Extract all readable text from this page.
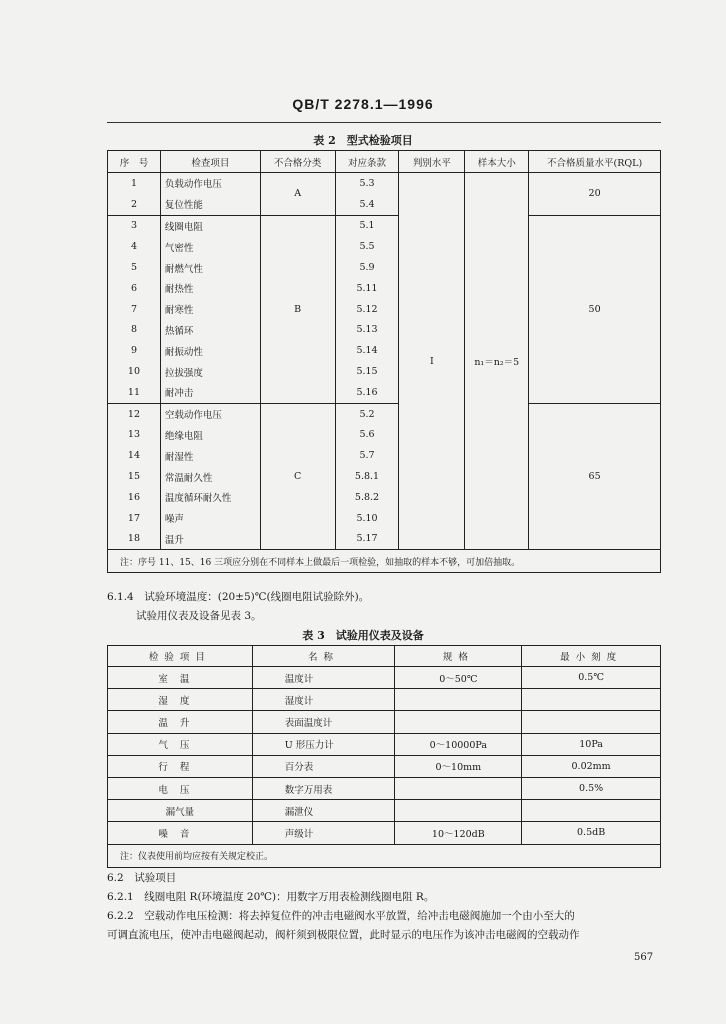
QB/T 2278.1—1996
表 2　型式检验项目
序　号	检查项目	不合格分类	对应条款	判别水平	样本大小	不合格质量水平(RQL)
1	负载动作电压	A	5.3	Ⅰ	n₁＝n₂＝5	20
2	复位性能		5.4			
3	线圈电阻	B	5.1			50
4	气密性		5.5			
5	耐燃气性		5.9			
6	耐热性		5.11			
7	耐寒性		5.12			
8	热循环		5.13			
9	耐振动性		5.14			
10	拉拔强度		5.15			
11	耐冲击		5.16			
12	空载动作电压	C	5.2			65
13	绝缘电阻		5.6			
14	耐湿性		5.7			
15	常温耐久性		5.8.1			
16	温度循环耐久性		5.8.2			
17	噪声		5.10			
18	温升		5.17			
注：序号 11、15、16 三项应分别在不同样本上做最后一项检验，如抽取的样本不够，可加倍抽取。						
6.1.4　试验环境温度：(20±5)℃(线圈电阻试验除外)。
试验用仪表及设备见表 3。
表 3　试验用仪表及设备
检验项目	名称	规格	最小刻度
室温	温度计	0～50℃	0.5℃
湿度	湿度计		
温升	表面温度计		
气压	U 形压力计	0～10000Pa	10Pa
行程	百分表	0～10mm	0.02mm
电压	数字万用表		0.5%
漏气量	漏泄仪		
噪音	声级计	10～120dB	0.5dB
注：仪表使用前均应按有关规定校正。			
6.2　试验项目
6.2.1　线圈电阻 R(环境温度 20℃)：用数字万用表检测线圈电阻 R。
6.2.2　空载动作电压检测：将去掉复位件的冲击电磁阀水平放置，给冲击电磁阀施加一个由小至大的
可调直流电压，使冲击电磁阀起动，阀杆须到极限位置，此时显示的电压作为该冲击电磁阀的空载动作
567
